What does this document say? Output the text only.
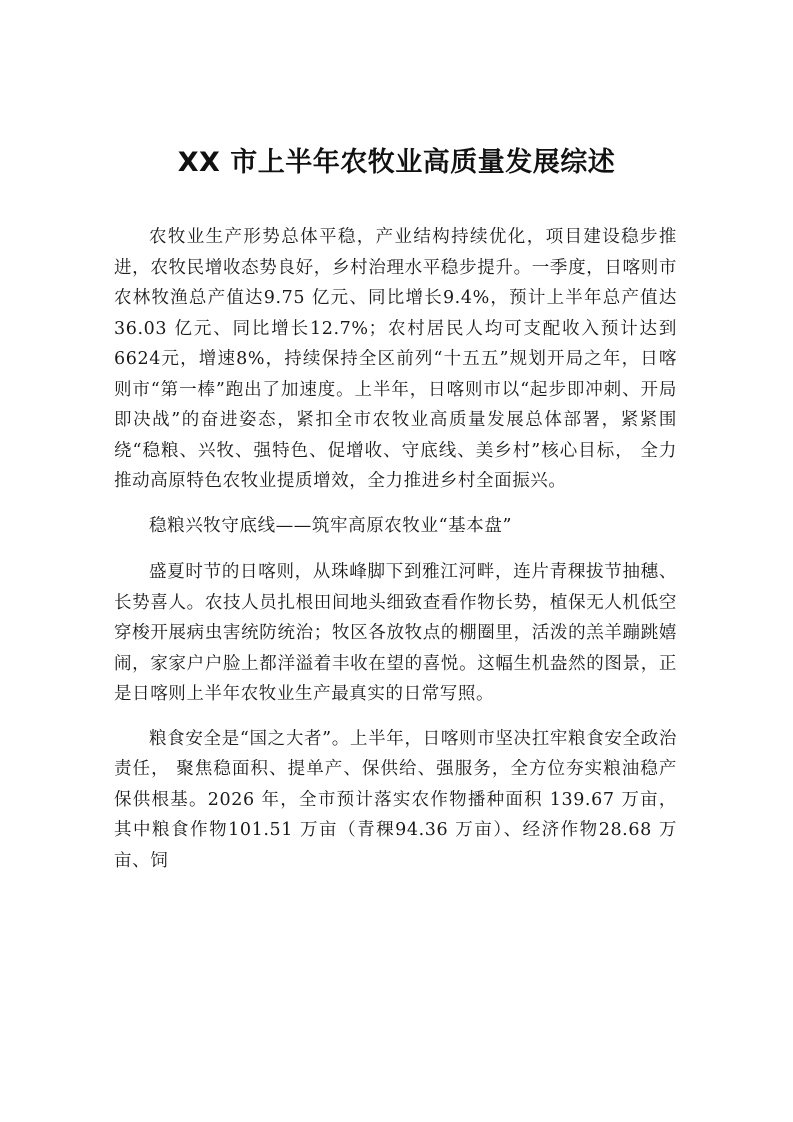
XX 市上半年农牧业高质量发展综述

农牧业生产形势总体平稳，产业结构持续优化，项目建设稳步推进，农牧民增收态势良好，乡村治理水平稳步提升。一季度，日喀则市农林牧渔总产值达9.75 亿元、同比增长9.4%，预计上半年总产值达36.03 亿元、同比增长12.7%；农村居民人均可支配收入预计达到6624元，增速8%，持续保持全区前列“十五五”规划开局之年，日喀则市“第一棒”跑出了加速度。上半年，日喀则市以“起步即冲刺、开局即决战”的奋进姿态，紧扣全市农牧业高质量发展总体部署，紧紧围绕“稳粮、兴牧、强特色、促增收、守底线、美乡村”核心目标， 全力推动高原特色农牧业提质增效，全力推进乡村全面振兴。

稳粮兴牧守底线——筑牢高原农牧业“基本盘”

盛夏时节的日喀则，从珠峰脚下到雅江河畔，连片青稞拔节抽穗、长势喜人。农技人员扎根田间地头细致查看作物长势，植保无人机低空穿梭开展病虫害统防统治；牧区各放牧点的棚圈里，活泼的羔羊蹦跳嬉闹，家家户户脸上都洋溢着丰收在望的喜悦。这幅生机盎然的图景，正是日喀则上半年农牧业生产最真实的日常写照。

粮食安全是“国之大者”。上半年，日喀则市坚决扛牢粮食安全政治责任， 聚焦稳面积、提单产、保供给、强服务，全方位夯实粮油稳产保供根基。2026 年，全市预计落实农作物播种面积 139.67 万亩，其中粮食作物101.51 万亩（青稞94.36 万亩）、经济作物28.68 万亩、饲
